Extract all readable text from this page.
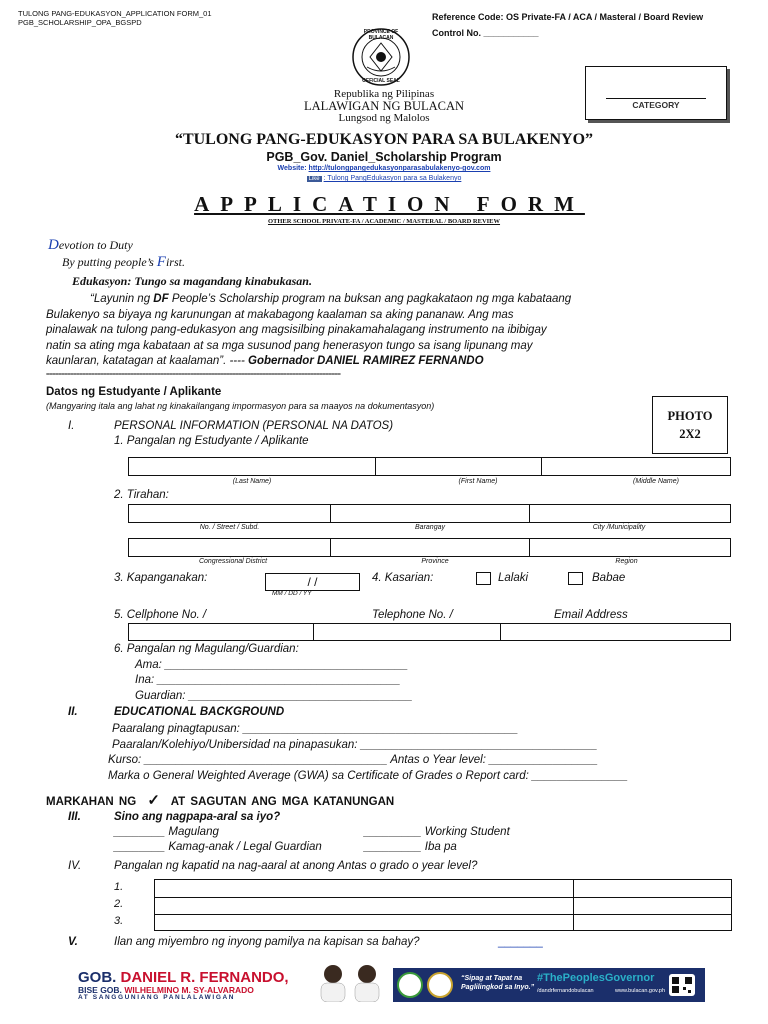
TULONG PANG-EDUKASYON_APPLICATION FORM_01
PGB_SCHOLARSHIP_OPA_BGSPD
Reference Code: OS Private-FA / ACA / Masteral / Board Review
Control No. ___________
PROVINCE OF BULACAN
OFFICIAL SEAL
Republika ng Pilipinas
LALAWIGAN NG BULACAN
Lungsod ng Malolos
CATEGORY
“TULONG PANG-EDUKASYON PARA SA BULAKENYO”
PGB_Gov. Daniel_Scholarship Program
Website: http://tulongpangedukasyonparasabulakenyo-gov.com
Like : Tulong PangEdukasyon para sa Bulakenyo
APPLICATION FORM
OTHER SCHOOL PRIVATE-FA / ACADEMIC / MASTERAL / BOARD REVIEW
Devotion to Duty
By putting people’s First.
Edukasyon: Tungo sa magandang kinabukasan.
“Layunin ng DF People’s Scholarship program na buksan ang pagkakataon ng mga kabataang
Bulakenyo sa biyaya ng karunungan at makabagong kaalaman sa aking pananaw. Ang mas
pinalawak na tulong pang-edukasyon ang magsisilbing pinakamahalagang instrumento na ibibigay
natin sa ating mga kabataan at sa mga susunod pang henerasyon tungo sa isang lipunang may
kaunlaran, katatagan at kaalaman”. ---- Gobernador DANIEL RAMIREZ FERNANDO
==================================================================================================
Datos ng Estudyante / Aplikante
(Mangyaring itala ang lahat ng kinakailangang impormasyon para sa maayos na dokumentasyon)
PHOTO
2X2
I.	PERSONAL INFORMATION (PERSONAL NA DATOS)
1. Pangalan ng Estudyante / Aplikante
(Last Name)	(First Name)	(Middle Name)
2. Tirahan:
No. / Street / Subd.	Barangay	City /Municipality
Congressional District	Province	Region
3. Kapanganakan:	/ /
MM / DD / YY
4. Kasarian:	Lalaki	Babae
5. Cellphone No. /	Telephone No. /	Email Address
6. Pangalan ng Magulang/Guardian:
Ama: ______________________________________
Ina: ______________________________________
Guardian: ___________________________________
II.	EDUCATIONAL BACKGROUND
Paaralang pinagtapusan: ___________________________________________
Paaralan/Kolehiyo/Unibersidad na pinapasukan: _____________________________________
Kurso: ______________________________________ Antas o Year level: _________________
Marka o General Weighted Average (GWA) sa Certificate of Grades o Report card: _______________
MARKAHAN NG ✓ AT SAGUTAN ANG MGA KATANUNGAN
III.	Sino ang nagpapa-aral sa iyo?
________ Magulang	_________ Working Student
________ Kamag-anak / Legal Guardian	_________ Iba pa
IV.	Pangalan ng kapatid na nag-aaral at anong Antas o grado o year level?
1.
2.
3.
V.	Ilan ang miyembro ng inyong pamilya na kapisan sa bahay?	_______
GOB. DANIEL R. FERNANDO,
BISE GOB. WILHELMINO M. SY-ALVARADO
AT SANGGUNIANG PANLALAWIGAN
“Sipag at Tapat na
Paglilingkod sa Inyo.”
#ThePeoplesGovernor
/dandrfernandobulacan	www.bulacan.gov.ph
